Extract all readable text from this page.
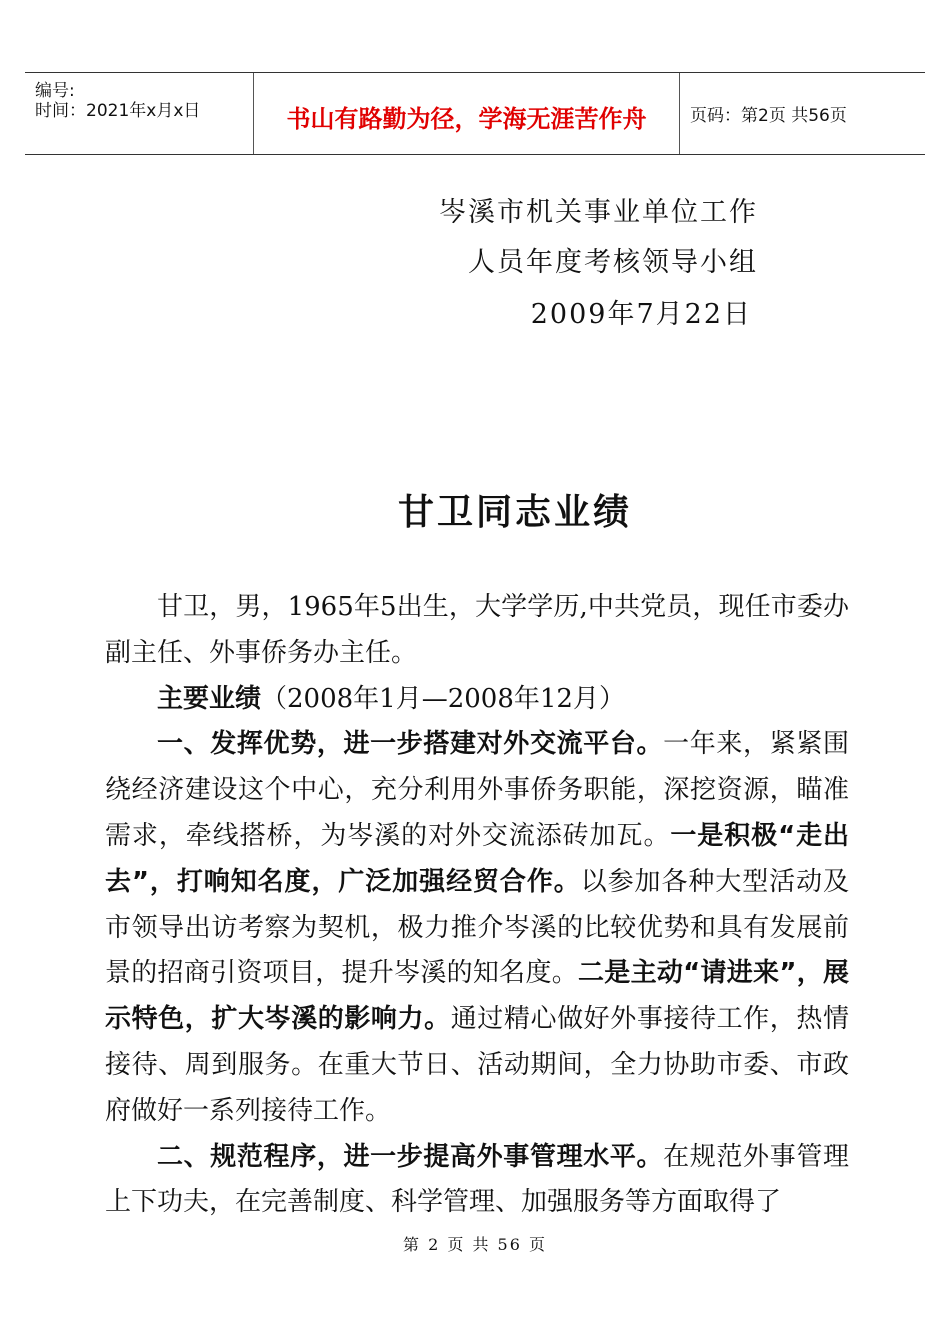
编号:
时间：2021年x月x日	书山有路勤为径，学海无涯苦作舟	页码：第2页 共56页
岑溪市机关事业单位工作
人员年度考核领导小组
2009年7月22日
甘卫同志业绩

甘卫，男，1965年5出生，大学学历,中共党员，现任市委办副主任、外事侨务办主任。

主要业绩（2008年1月—2008年12月）

一、发挥优势，进一步搭建对外交流平台。一年来，紧紧围绕经济建设这个中心，充分利用外事侨务职能，深挖资源，瞄准需求，牵线搭桥，为岑溪的对外交流添砖加瓦。一是积极“走出去”，打响知名度，广泛加强经贸合作。以参加各种大型活动及市领导出访考察为契机，极力推介岑溪的比较优势和具有发展前景的招商引资项目，提升岑溪的知名度。二是主动“请进来”，展示特色，扩大岑溪的影响力。通过精心做好外事接待工作，热情接待、周到服务。在重大节日、活动期间，全力协助市委、市政府做好一系列接待工作。

二、规范程序，进一步提高外事管理水平。在规范外事管理上下功夫，在完善制度、科学管理、加强服务等方面取得了

第 2 页 共 56 页
